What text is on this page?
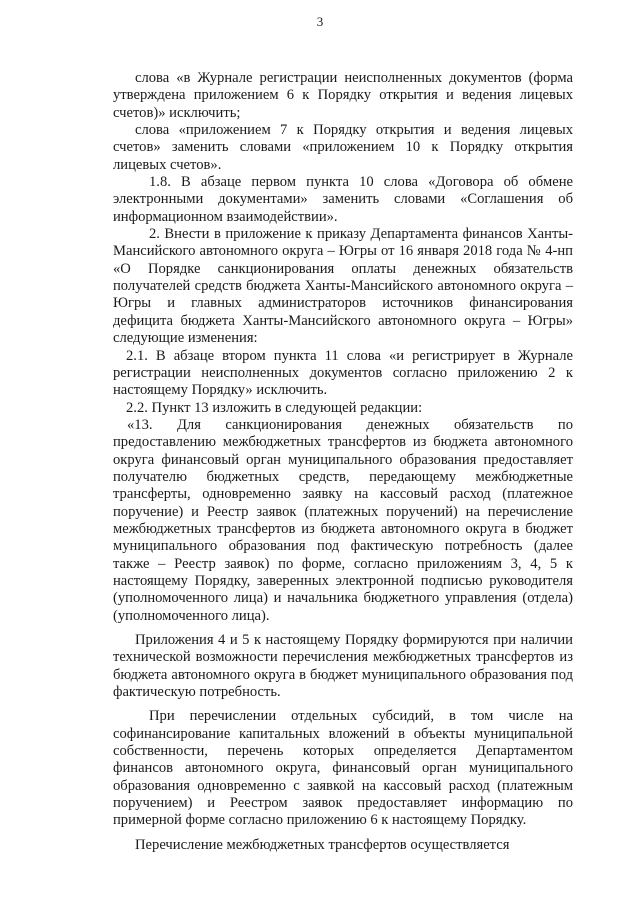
3

слова «в Журнале регистрации неисполненных документов (форма утверждена приложением 6 к Порядку открытия и ведения лицевых счетов)» исключить;

слова «приложением 7 к Порядку открытия и ведения лицевых счетов» заменить словами «приложением 10 к Порядку открытия лицевых счетов».

1.8. В абзаце первом пункта 10 слова «Договора об обмене электронными документами» заменить словами «Соглашения об информационном взаимодействии».

2. Внести в приложение к приказу Департамента финансов Ханты-Мансийского автономного округа – Югры от 16 января 2018 года № 4-нп «О Порядке санкционирования оплаты денежных обязательств получателей средств бюджета Ханты-Мансийского автономного округа – Югры и главных администраторов источников финансирования дефицита бюджета Ханты-Мансийского автономного округа – Югры» следующие изменения:

2.1. В абзаце втором пункта 11 слова «и регистрирует в Журнале регистрации неисполненных документов согласно приложению 2 к настоящему Порядку» исключить.

2.2. Пункт 13 изложить в следующей редакции:

«13. Для санкционирования денежных обязательств по предоставлению межбюджетных трансфертов из бюджета автономного округа финансовый орган муниципального образования предоставляет получателю бюджетных средств, передающему межбюджетные трансферты, одновременно заявку на кассовый расход (платежное поручение) и Реестр заявок (платежных поручений) на перечисление межбюджетных трансфертов из бюджета автономного округа в бюджет муниципального образования под фактическую потребность (далее также – Реестр заявок) по форме, согласно приложениям 3, 4, 5 к настоящему Порядку, заверенных электронной подписью руководителя (уполномоченного лица) и начальника бюджетного управления (отдела) (уполномоченного лица).

Приложения 4 и 5 к настоящему Порядку формируются при наличии технической возможности перечисления межбюджетных трансфертов из бюджета автономного округа в бюджет муниципального образования под фактическую потребность.

При перечислении отдельных субсидий, в том числе на софинансирование капитальных вложений в объекты муниципальной собственности, перечень которых определяется Департаментом финансов автономного округа, финансовый орган муниципального образования одновременно с заявкой на кассовый расход (платежным поручением) и Реестром заявок предоставляет информацию по примерной форме согласно приложению 6 к настоящему Порядку.

Перечисление межбюджетных трансфертов осуществляется
